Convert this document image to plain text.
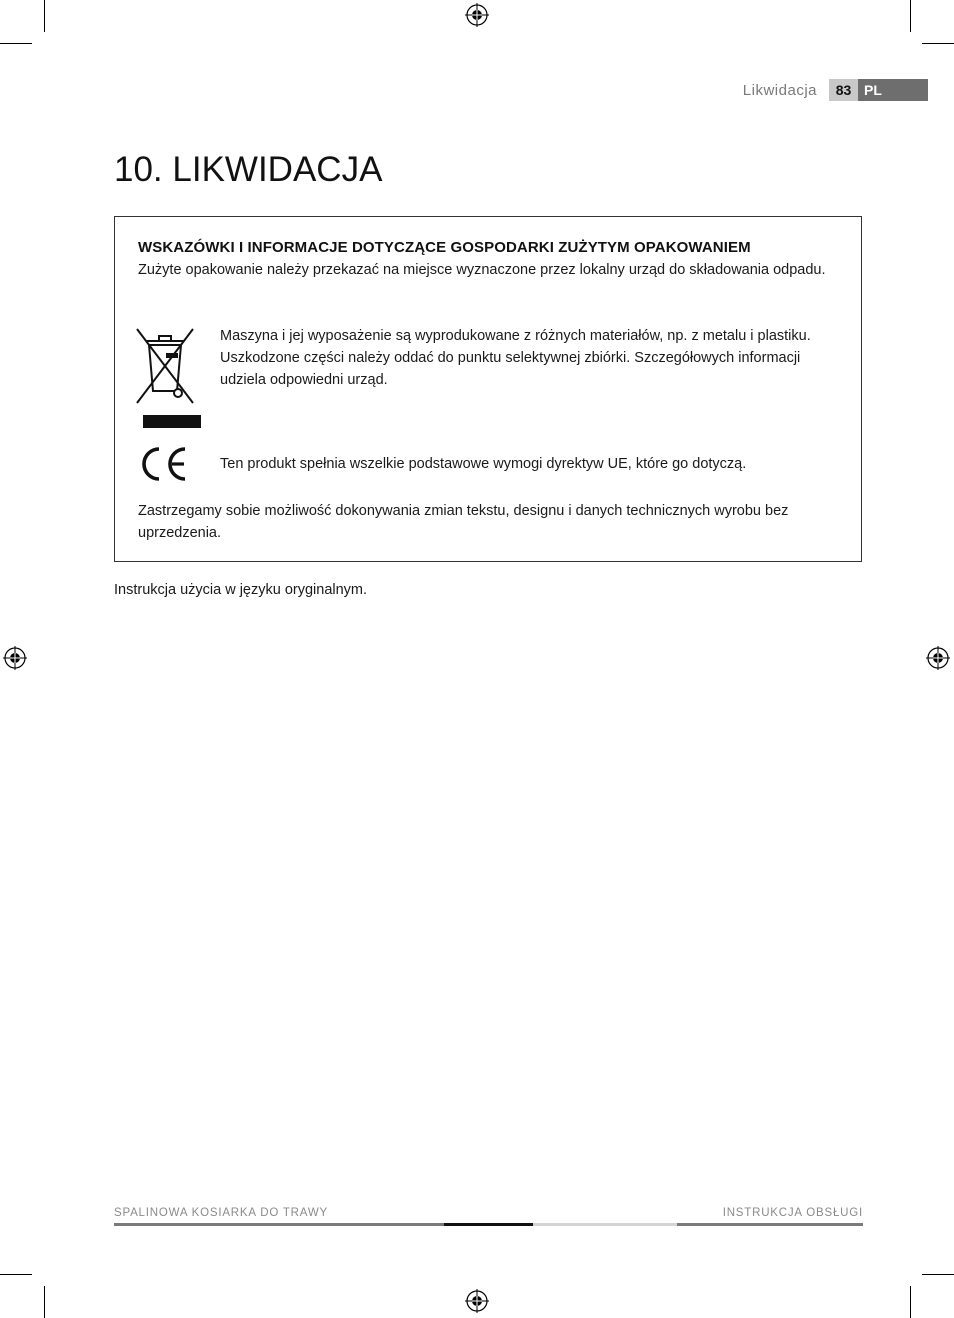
Likwidacja	83 PL
10. LIKWIDACJA
WSKAZÓWKI I INFORMACJE DOTYCZĄCE GOSPODARKI ZUŻYTYM OPAKOWANIEM
Zużyte opakowanie należy przekazać na miejsce wyznaczone przez lokalny urząd do składowania odpadu.
Maszyna i jej wyposażenie są wyprodukowane z różnych materiałów, np. z metalu i plastiku. Uszkodzone części należy oddać do punktu selektywnej zbiórki. Szczegółowych informacji udziela odpowiedni urząd.
Ten produkt spełnia wszelkie podstawowe wymogi dyrektyw UE, które go dotyczą.
Zastrzegamy sobie możliwość dokonywania zmian tekstu, designu i danych technicznych wyrobu bez uprzedzenia.
Instrukcja użycia w języku oryginalnym.
SPALINOWA KOSIARKA DO TRAWY	INSTRUKCJA OBSŁUGI
